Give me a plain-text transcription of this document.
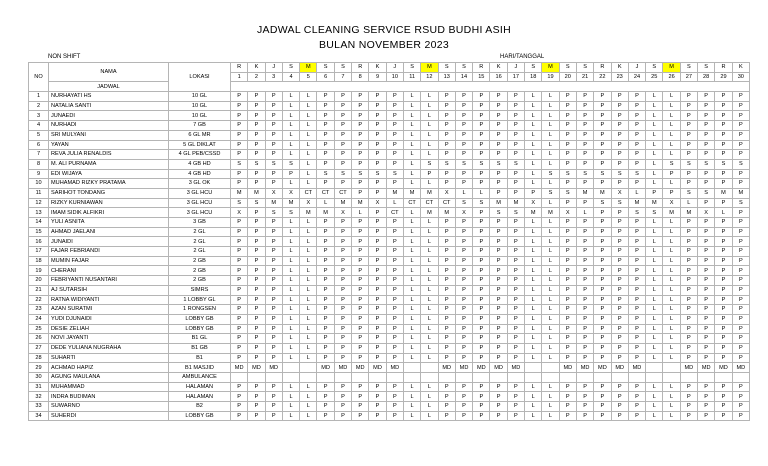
JADWAL CLEANING SERVICE RSUD BUDHI ASIH
BULAN NOVEMBER 2023
NON SHIFT
NO	NAMA	LOKASI	R	K	J	S	M	S	S	R	K	J	S	M	S	S	R	K	J	S	M	S	S	R	K	J	S	M	S	S	R	K
			1	2	3	4	5	6	7	8	9	10	11	12	13	14	15	16	17	18	19	20	21	22	23	24	25	26	27	28	29	30
	JADWAL																															
1	NURHAYATI HS	10 GL	P	P	P	L	L	P	P	P	P	P	L	L	P	P	P	P	P	L	L	P	P	P	P	P	L	L	P	P	P	P
2	NATALIA SANTI	10 GL	P	P	P	L	L	P	P	P	P	P	L	L	P	P	P	P	P	L	L	P	P	P	P	P	L	L	P	P	P	P
3	JUNAEDI	10 GL	P	P	P	L	L	P	P	P	P	P	L	L	P	P	P	P	P	L	L	P	P	P	P	P	L	L	P	P	P	P
4	NURHADI	7 GB	P	P	P	L	L	P	P	P	P	P	L	L	P	P	P	P	P	L	L	P	P	P	P	P	L	L	P	P	P	P
5	SRI MULYANI	6 GL MR	P	P	P	L	L	P	P	P	P	P	L	L	P	P	P	P	P	L	L	P	P	P	P	P	L	L	P	P	P	P
6	YAYAN	5 GL DIKLAT	P	P	P	L	L	P	P	P	P	P	L	L	P	P	P	P	P	L	L	P	P	P	P	P	L	L	P	P	P	P
7	REVA JULIA RENALDIS	4 GL PEB/CSSD	P	P	P	L	L	P	P	P	P	P	L	L	P	P	P	P	P	L	L	P	P	P	P	P	L	L	P	P	P	P
8	M. ALI PURNAMA	4 GB HD	S	S	S	S	L	P	P	P	P	P	L	S	S	S	S	S	S	L	L	P	P	P	P	P	L	S	S	S	S	S
9	EDI WIJAYA	4 GB HD	P	P	P	P	L	S	S	S	S	S	L	P	P	P	P	P	P	L	S	S	S	S	S	S	L	P	P	P	P	P
10	MUHAMAD RIZKY PRATAMA	3 GL OK	P	P	P	L	L	P	P	P	P	P	L	L	P	P	P	P	P	L	L	P	P	P	P	P	L	L	P	P	P	P
11	SARIHOT TONDANG	3 GL HCU	M	M	X	X	CT	CT	CT	P	P	M	M	M	X	L	L	P	P	P	S	S	M	M	X	L	P	P	S	S	M	M
12	RIZKY KURNIAWAN	3 GL HCU	S	S	M	M	X	L	M	M	X	L	CT	CT	CT	S	S	M	M	X	L	P	P	S	S	M	M	X	L	P	P	S
13	IMAM SIDIK ALFIKRI	3 GL HCU	X	P	S	S	M	M	X	L	P	CT	L	M	M	X	P	S	S	M	M	X	L	P	P	S	S	M	M	X	L	P
14	YULI ASNITA	3 GB	P	P	P	L	L	P	P	P	P	P	L	L	P	P	P	P	P	L	L	P	P	P	P	P	L	L	P	P	P	P
15	AHMAD JAELANI	2 GL	P	P	P	L	L	P	P	P	P	P	L	L	P	P	P	P	P	L	L	P	P	P	P	P	L	L	P	P	P	P
16	JUNAIDI	2 GL	P	P	P	L	L	P	P	P	P	P	L	L	P	P	P	P	P	L	L	P	P	P	P	P	L	L	P	P	P	P
17	FAJAR FEBRIANDI	2 GL	P	P	P	L	L	P	P	P	P	P	L	L	P	P	P	P	P	L	L	P	P	P	P	P	L	L	P	P	P	P
18	MUMIN FAJAR	2 GB	P	P	P	L	L	P	P	P	P	P	L	L	P	P	P	P	P	L	L	P	P	P	P	P	L	L	P	P	P	P
19	CHERANI	2 GB	P	P	P	L	L	P	P	P	P	P	L	L	P	P	P	P	P	L	L	P	P	P	P	P	L	L	P	P	P	P
20	FEBRIYANTI NUSANTARI	2 GB	P	P	P	L	L	P	P	P	P	P	L	L	P	P	P	P	P	L	L	P	P	P	P	P	L	L	P	P	P	P
21	AJ SUTARSIH	SIMRS	P	P	P	L	L	P	P	P	P	P	L	L	P	P	P	P	P	L	L	P	P	P	P	P	L	L	P	P	P	P
22	RATNA WIDIYANTI	1 LOBBY GL	P	P	P	L	L	P	P	P	P	P	L	L	P	P	P	P	P	L	L	P	P	P	P	P	L	L	P	P	P	P
23	AZAN SURATMI	1 RONGSEN	P	P	P	L	L	P	P	P	P	P	L	L	P	P	P	P	P	L	L	P	P	P	P	P	L	L	P	P	P	P
24	YUDI DJUNAIDI	LOBBY GB	P	P	P	L	L	P	P	P	P	P	L	L	P	P	P	P	P	L	L	P	P	P	P	P	L	L	P	P	P	P
25	DESIE ZELIAH	LOBBY GB	P	P	P	L	L	P	P	P	P	P	L	L	P	P	P	P	P	L	L	P	P	P	P	P	L	L	P	P	P	P
26	NOVI JAYANTI	B1 GL	P	P	P	L	L	P	P	P	P	P	L	L	P	P	P	P	P	L	L	P	P	P	P	P	L	L	P	P	P	P
27	DEDE YULIANA NUGRAHA	B1 GB	P	P	P	L	L	P	P	P	P	P	L	L	P	P	P	P	P	L	L	P	P	P	P	P	L	L	P	P	P	P
28	SUHARTI	B1	P	P	P	L	L	P	P	P	P	P	L	L	P	P	P	P	P	L	L	P	P	P	P	P	L	L	P	P	P	P
29	ACHMAD HAPIZ	B1 MASJID	MD	MD	MD			MD	MD	MD	MD	MD			MD	MD	MD	MD	MD			MD	MD	MD	MD	MD			MD	MD	MD	MD
30	AGUNG MAULANA	AMBULANCE																														
31	MUHAMMAD	HALAMAN	P	P	P	L	L	P	P	P	P	P	L	L	P	P	P	P	P	L	L	P	P	P	P	P	L	L	P	P	P	P
32	INDRA BUDIMAN	HALAMAN	P	P	P	L	L	P	P	P	P	P	L	L	P	P	P	P	P	L	L	P	P	P	P	P	L	L	P	P	P	P
33	SUWARNO	B2	P	P	P	L	L	P	P	P	P	P	L	L	P	P	P	P	P	L	L	P	P	P	P	P	L	L	P	P	P	P
34	SUHERDI	LOBBY GB	P	P	P	L	L	P	P	P	P	P	L	L	P	P	P	P	P	L	L	P	P	P	P	P	L	L	P	P	P	P
HARI/TANGGAL
